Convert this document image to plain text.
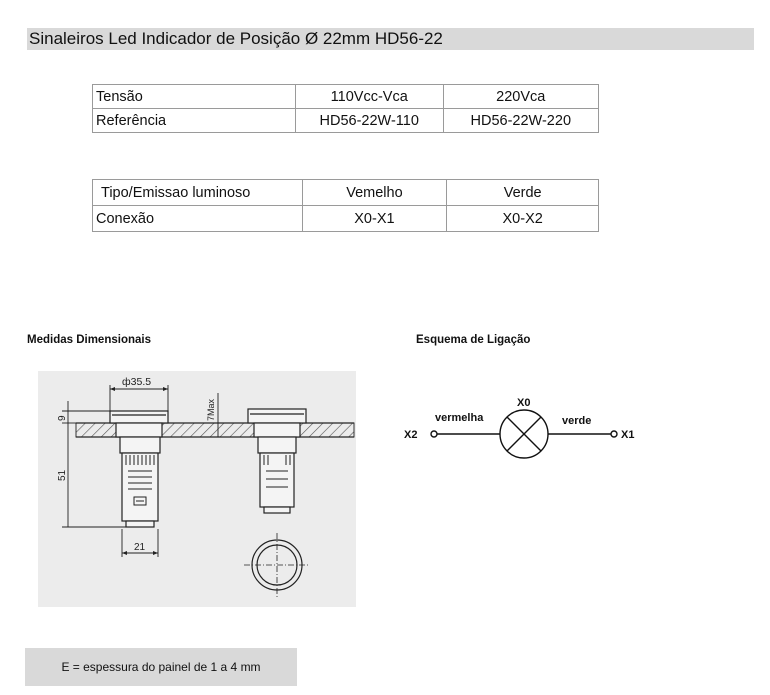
Sinaleiros Led Indicador de Posição Ø 22mm HD56-22
Tensão	110Vcc-Vca	220Vca
Referência	HD56-22W-110	HD56-22W-220
Tipo/Emissao luminoso	Vemelho	Verde
Conexão	X0-X1	X0-X2
Medidas Dimensionais	Esquema de Ligação
ф35.5
9
51
21
7Max
X2	X1
X0
vermelha	verde
E = espessura do painel de 1 a 4 mm
